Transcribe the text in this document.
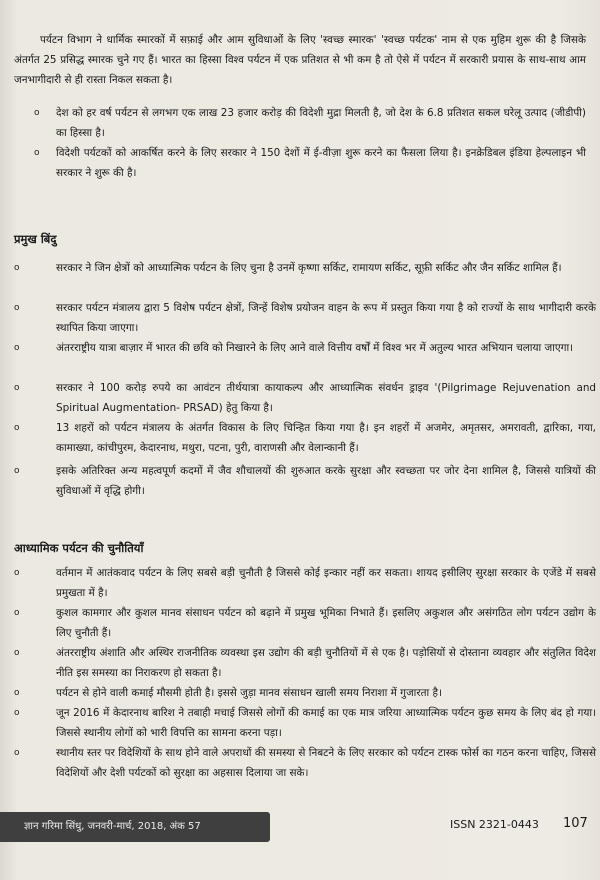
पर्यटन विभाग ने धार्मिक स्मारकों में सफ़ाई और आम सुविधाओं के लिए 'स्वच्छ स्मारक' 'स्वच्छ पर्यटक' नाम से एक मुहिम शुरू की है जिसके अंतर्गत 25 प्रसिद्ध स्मारक चुने गए हैं। भारत का हिस्सा विश्व पर्यटन में एक प्रतिशत से भी कम है तो ऐसे में पर्यटन में सरकारी प्रयास के साथ-साथ आम जनभागीदारी से ही रास्ता निकल सकता है।
o देश को हर वर्ष पर्यटन से लगभग एक लाख 23 हजार करोड़ की विदेशी मुद्रा मिलती है, जो देश के 6.8 प्रतिशत सकल घरेलू उत्पाद (जीडीपी) का हिस्सा है।
o विदेशी पर्यटकों को आकर्षित करने के लिए सरकार ने 150 देशों में ई-वीज़ा शुरू करने का फैसला लिया है। इनक्रेडिबल इंडिया हेल्पलाइन भी सरकार ने शुरू की है।
प्रमुख बिंदु
o	सरकार ने जिन क्षेत्रों को आध्यात्मिक पर्यटन के लिए चुना है उनमें कृष्णा सर्किट, रामायण सर्किट, सूफ़ी सर्किट और जैन सर्किट शामिल हैं।
o	सरकार पर्यटन मंत्रालय द्वारा 5 विशेष पर्यटन क्षेत्रों, जिन्हें विशेष प्रयोजन वाहन के रूप में प्रस्तुत किया गया है को राज्यों के साथ भागीदारी करके स्थापित किया जाएगा।
o	अंतरराष्ट्रीय यात्रा बाज़ार में भारत की छवि को निखारने के लिए आने वाले वित्तीय वर्षों में विश्व भर में अतुल्य भारत अभियान चलाया जाएगा।
o	सरकार ने 100 करोड़ रुपये का आवंटन तीर्थयात्रा कायाकल्प और आध्यात्मिक संवर्धन ड्राइव '(Pilgrimage Rejuvenation and Spiritual Augmentation- PRSAD) हेतु किया है।
o	13 शहरों को पर्यटन मंत्रालय के अंतर्गत विकास के लिए चिन्हित किया गया है। इन शहरों में अजमेर, अमृतसर, अमरावती, द्वारिका, गया, कामाख्या, कांचीपुरम, केदारनाथ, मथुरा, पटना, पुरी, वाराणसी और वेलान्कानी हैं।
o	इसके अतिरिक्त अन्य महत्वपूर्ण कदमों में जैव शौचालयों की शुरुआत करके सुरक्षा और स्वच्छता पर जोर देना शामिल है, जिससे यात्रियों की सुविधाओं में वृद्धि होगी।
आध्यामिक पर्यटन की चुनौतियाँ
o	वर्तमान में आतंकवाद पर्यटन के लिए सबसे बड़ी चुनौती है जिससे कोई इन्कार नहीं कर सकता। शायद इसीलिए सुरक्षा सरकार के एजेंडे में सबसे प्रमुखता में है।
o	कुशल कामगार और कुशल मानव संसाधन पर्यटन को बढ़ाने में प्रमुख भूमिका निभाते हैं। इसलिए अकुशल और असंगठित लोग पर्यटन उद्योग के लिए चुनौती हैं।
o	अंतरराष्ट्रीय अंशाति और अस्थिर राजनीतिक व्यवस्था इस उद्योग की बड़ी चुनौतियों में से एक है। पड़ोसियों से दोस्ताना व्यवहार और संतुलित विदेश नीति इस समस्या का निराकरण हो सकता है।
o	पर्यटन से होने वाली कमाई मौसमी होती है। इससे जुड़ा मानव संसाधन खाली समय निराशा में गुजारता है।
o	जून 2016 में केदारनाथ बारिश ने तबाही मचाई जिससे लोगों की कमाई का एक मात्र जरिया आध्यात्मिक पर्यटन कुछ समय के लिए बंद हो गया। जिससे स्थानीय लोगों को भारी विपत्ति का सामना करना पड़ा।
o	स्थानीय स्तर पर विदेशियों के साथ होने वाले अपराधों की समस्या से निबटने के लिए सरकार को पर्यटन टास्क फोर्स का गठन करना चाहिए, जिससे विदेशियों और देशी पर्यटकों को सुरक्षा का अहसास दिलाया जा सके।
ज्ञान गरिमा सिंधु, जनवरी-मार्च, 2018, अंक 57	ISSN 2321-0443 107
